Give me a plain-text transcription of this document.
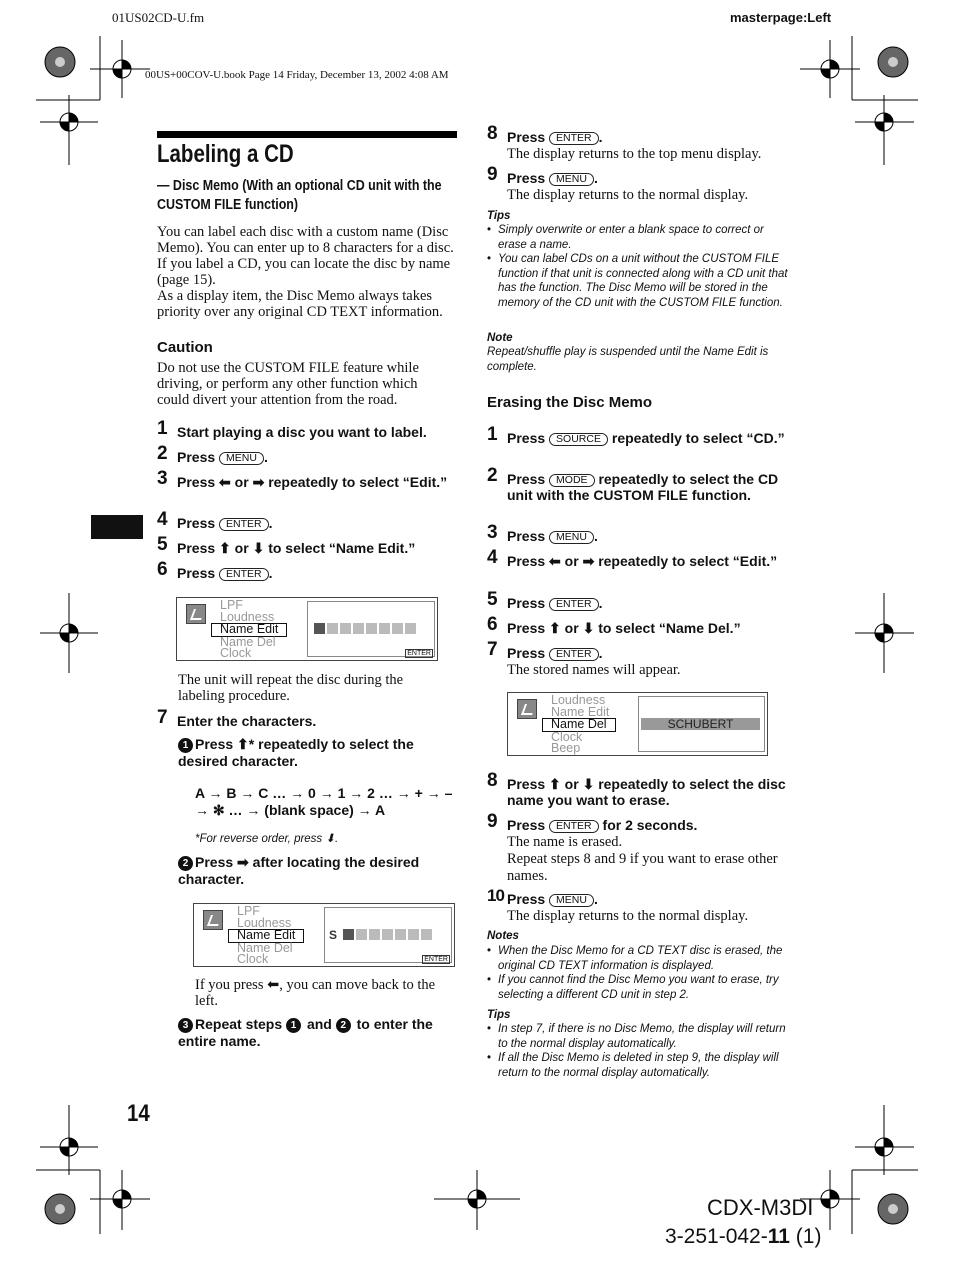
01US02CD-U.fm	masterpage:Left
00US+00COV-U.book Page 14 Friday, December 13, 2002 4:08 AM
Labeling a CD
— Disc Memo (With an optional CD unit with the CUSTOM FILE function)
You can label each disc with a custom name (Disc Memo). You can enter up to 8 characters for a disc. If you label a CD, you can locate the disc by name (page 15).
As a display item, the Disc Memo always takes priority over any original CD TEXT information.
Caution
Do not use the CUSTOM FILE feature while driving, or perform any other function which could divert your attention from the road.
1 Start playing a disc you want to label.
2 Press MENU .
3 Press ⬅ or ➡ repeatedly to select “Edit.”
4 Press ENTER .
5 Press ⬆ or ⬇ to select “Name Edit.”
6 Press ENTER .
LPF
Loudness
Name Edit
Name Del
Clock	ENTER
The unit will repeat the disc during the labeling procedure.
7 Enter the characters.
1 Press ⬆* repeatedly to select the desired character.
A → B → C … → 0 → 1 → 2 … → + → – → ✻ … → (blank space) → A
*For reverse order, press ⬇.
2 Press ➡ after locating the desired character.
LPF
Loudness
Name Edit
Name Del
Clock
S
ENTER
If you press ⬅, you can move back to the left.
3 Repeat steps 1 and 2 to enter the entire name.
8 Press ENTER .
The display returns to the top menu display.
9 Press MENU .
The display returns to the normal display.
Tips
• Simply overwrite or enter a blank space to correct or erase a name.
• You can label CDs on a unit without the CUSTOM FILE function if that unit is connected along with a CD unit that has the function. The Disc Memo will be stored in the memory of the CD unit with the CUSTOM FILE function.
Note
Repeat/shuffle play is suspended until the Name Edit is complete.
Erasing the Disc Memo
1 Press SOURCE repeatedly to select “CD.”
2 Press MODE repeatedly to select the CD unit with the CUSTOM FILE function.
3 Press MENU .
4 Press ⬅ or ➡ repeatedly to select “Edit.”
5 Press ENTER .
6 Press ⬆ or ⬇ to select “Name Del.”
7 Press ENTER .
The stored names will appear.
Loudness
Name Edit
Name Del
Clock
Beep
SCHUBERT
8 Press ⬆ or ⬇ repeatedly to select the disc name you want to erase.
9 Press ENTER for 2 seconds.
The name is erased.
Repeat steps 8 and 9 if you want to erase other names.
10 Press MENU .
The display returns to the normal display.
Notes
• When the Disc Memo for a CD TEXT disc is erased, the original CD TEXT information is displayed.
• If you cannot find the Disc Memo you want to erase, try selecting a different CD unit in step 2.
Tips
• In step 7, if there is no Disc Memo, the display will return to the normal display automatically.
• If all the Disc Memo is deleted in step 9, the display will return to the normal display automatically.
14
CDX-M3DI
3-251-042-11 (1)
